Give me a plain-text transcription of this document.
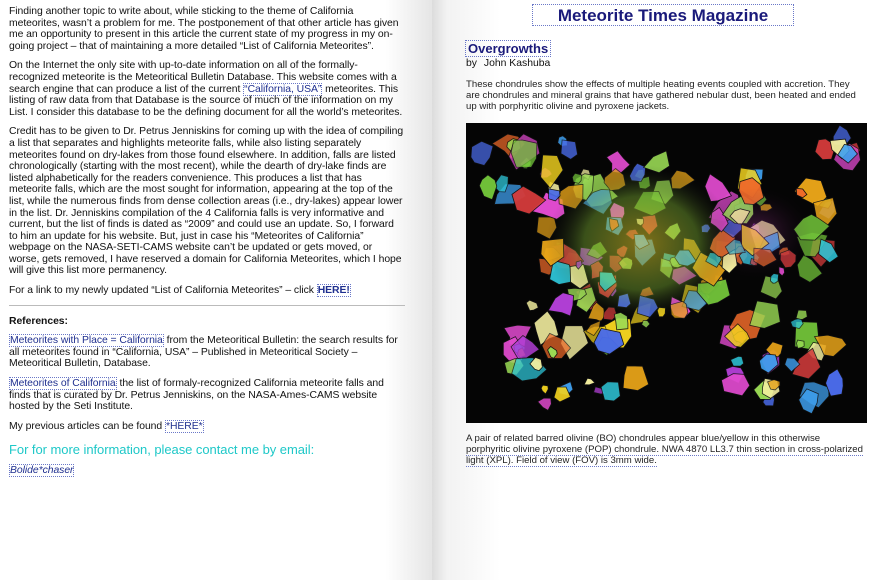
Finding another topic to write about, while sticking to the theme of California meteorites, wasn’t a problem for me. The postponement of that other article has given me an opportunity to present in this article the current state of my progress in my on-going project – that of maintaining a more detailed “List of California Meteorites”.

On the Internet the only site with up-to-date information on all of the formally-recognized meteorite is the Meteoritical Bulletin Database. This website comes with a search engine that can produce a list of the current “California, USA” meteorites. This listing of raw data from that Database is the source of much of the information on my List. I consider this database to be the defining document for all the world’s meteorites.

Credit has to be given to Dr. Petrus Jenniskins for coming up with the idea of compiling a list that separates and highlights meteorite falls, while also listing separately meteorites found on dry-lakes from those found elsewhere. In addition, falls are listed chronologically (starting with the most recent), while the dearth of dry-lake finds are listed alphabetically for the readers convenience. This produces a list that has meteorite falls, which are the most sought for information, appearing at the top of the list, while the numerous finds from dense collection areas (i.e., dry-lakes) appear lower in the list. Dr. Jenniskins compilation of the 4 California falls is very informative and current, but the list of finds is dated as “2009” and could use an update. So, I forward to him an update for his website. But, just in case his “Meteorites of California” webpage on the NASA-SETI-CAMS website can’t be updated or gets moved, or worse, gets removed, I have reserved a domain for California Meteorites, which I hope will give this list more permanency.

For a link to my newly updated “List of California Meteorites” – click HERE!

References:

Meteorites with Place = California from the Meteoritical Bulletin: the search results for all meteorites found in “California, USA” – Published in Meteoritical Society – Meteoritical Bulletin, Database.

Meteorites of California the list of formaly-recognized California meteorite falls and finds that is curated by Dr. Petrus Jenniskins, on the NASA-Ames-CAMS website hosted by the Seti Institute.

My previous articles can be found *HERE*

For for more information, please contact me by email:

Bolide*chaser

Meteorite Times Magazine
Overgrowths
by John Kashuba
These chondrules show the effects of multiple heating events coupled with accretion. They are chondrules and mineral grains that have gathered nebular dust, been heated and ended up with porphyritic olivine and pyroxene jackets.
A pair of related barred olivine (BO) chondrules appear blue/yellow in this otherwise porphyritic olivine pyroxene (POP) chondrule. NWA 4870 LL3.7 thin section in cross-polarized light (XPL). Field of view (FOV) is 3mm wide.
